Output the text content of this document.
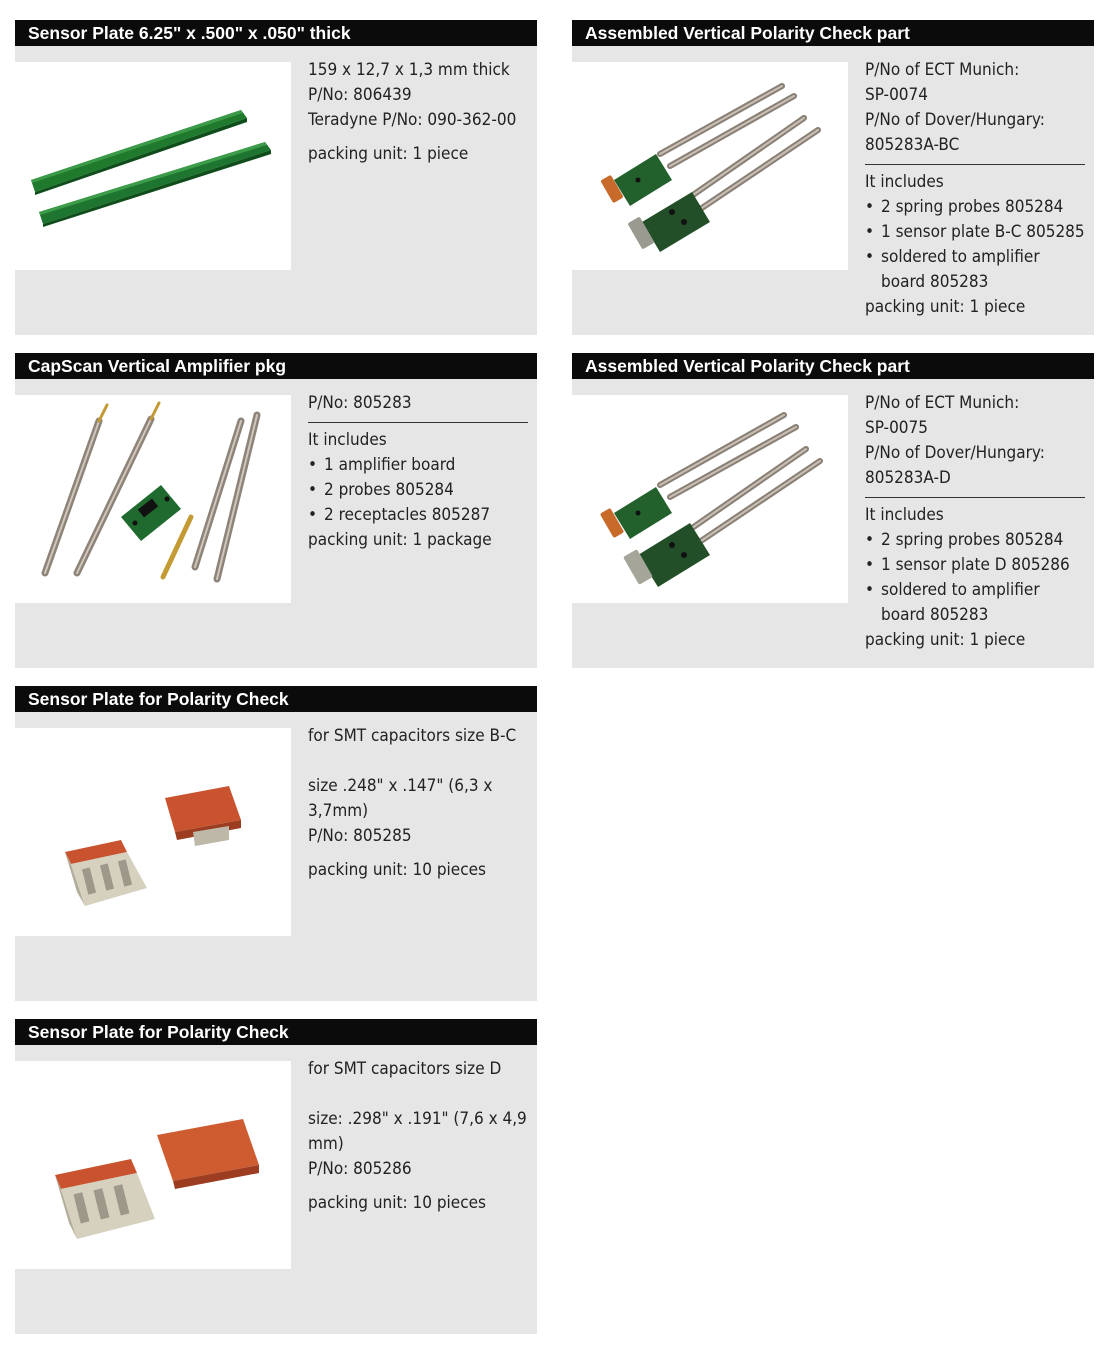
Sensor Plate 6.25" x .500" x .050" thick

159 x 12,7 x 1,3 mm thick

P/No: 806439

Teradyne P/No: 090-362-00

packing unit: 1 piece

Assembled Vertical Polarity Check part

P/No of ECT Munich:

SP-0074

P/No of Dover/Hungary:

805283A-BC

It includes

• 2 spring probes 805284
• 1 sensor plate B-C 805285
• soldered to amplifier board 805283

packing unit: 1 piece

CapScan Vertical Amplifier pkg

P/No: 805283

It includes

• 1 amplifier board
• 2 probes 805284
• 2 receptacles 805287

packing unit: 1 package

Assembled Vertical Polarity Check part

P/No of ECT Munich:

SP-0075

P/No of Dover/Hungary:

805283A-D

It includes

• 2 spring probes 805284
• 1 sensor plate D 805286
• soldered to amplifier board 805283

packing unit: 1 piece

Sensor Plate for Polarity Check

for SMT capacitors size B-C

size .248" x .147" (6,3 x 3,7mm)

P/No: 805285

packing unit: 10 pieces

Sensor Plate for Polarity Check

for SMT capacitors size D

size: .298" x .191" (7,6 x 4,9 mm)

P/No: 805286

packing unit: 10 pieces
